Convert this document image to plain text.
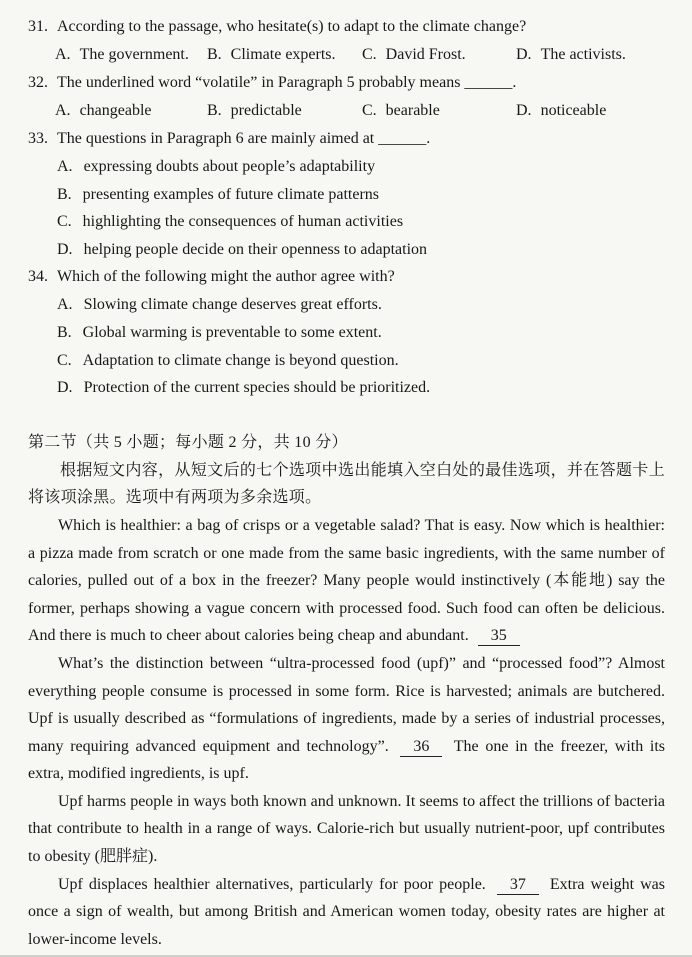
31. According to the passage, who hesitate(s) to adapt to the climate change?
A. The government.	B. Climate experts.	C. David Frost.	D. The activists.
32. The underlined word “volatile” in Paragraph 5 probably means ______.
A. changeable	B. predictable	C. bearable	D. noticeable
33. The questions in Paragraph 6 are mainly aimed at ______.
A. expressing doubts about people’s adaptability
B. presenting examples of future climate patterns
C. highlighting the consequences of human activities
D. helping people decide on their openness to adaptation
34. Which of the following might the author agree with?
A. Slowing climate change deserves great efforts.
B. Global warming is preventable to some extent.
C. Adaptation to climate change is beyond question.
D. Protection of the current species should be prioritized.
第二节（共 5 小题；每小题 2 分，共 10 分）
根据短文内容，从短文后的七个选项中选出能填入空白处的最佳选项，并在答题卡上将该项涂黑。选项中有两项为多余选项。

Which is healthier: a bag of crisps or a vegetable salad? That is easy. Now which is healthier: a pizza made from scratch or one made from the same basic ingredients, with the same number of calories, pulled out of a box in the freezer? Many people would instinctively (本能地) say the former, perhaps showing a vague concern with processed food. Such food can often be delicious. And there is much to cheer about calories being cheap and abundant. 35

What’s the distinction between “ultra-processed food (upf)” and “processed food”? Almost everything people consume is processed in some form. Rice is harvested; animals are butchered. Upf is usually described as “formulations of ingredients, made by a series of industrial processes, many requiring advanced equipment and technology”. 36 The one in the freezer, with its extra, modified ingredients, is upf.

Upf harms people in ways both known and unknown. It seems to affect the trillions of bacteria that contribute to health in a range of ways. Calorie-rich but usually nutrient-poor, upf contributes to obesity (肥胖症).

Upf displaces healthier alternatives, particularly for poor people. 37 Extra weight was once a sign of wealth, but among British and American women today, obesity rates are higher at lower-income levels.
